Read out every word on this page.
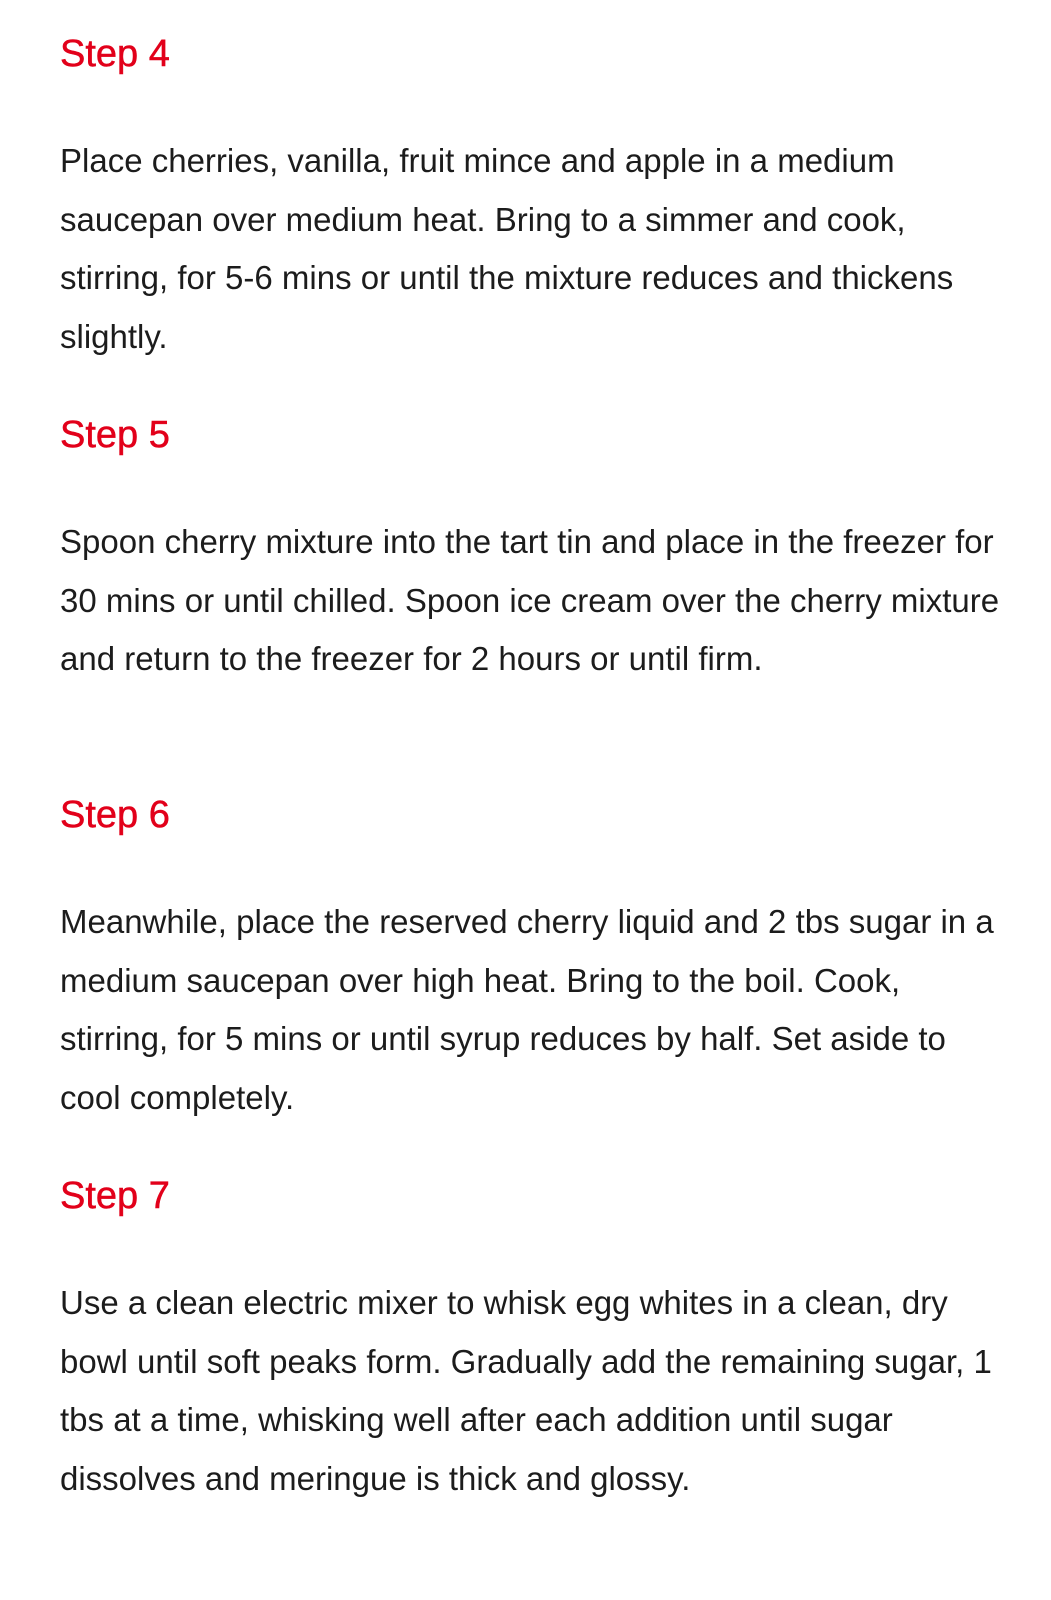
Step 4

Place cherries, vanilla, fruit mince and apple in a medium saucepan over medium heat. Bring to a simmer and cook, stirring, for 5-6 mins or until the mixture reduces and thickens slightly.

Step 5

Spoon cherry mixture into the tart tin and place in the freezer for 30 mins or until chilled. Spoon ice cream over the cherry mixture and return to the freezer for 2 hours or until firm.

Step 6

Meanwhile, place the reserved cherry liquid and 2 tbs sugar in a medium saucepan over high heat. Bring to the boil. Cook, stirring, for 5 mins or until syrup reduces by half. Set aside to cool completely.

Step 7

Use a clean electric mixer to whisk egg whites in a clean, dry bowl until soft peaks form. Gradually add the remaining sugar, 1 tbs at a time, whisking well after each addition until sugar dissolves and meringue is thick and glossy.
